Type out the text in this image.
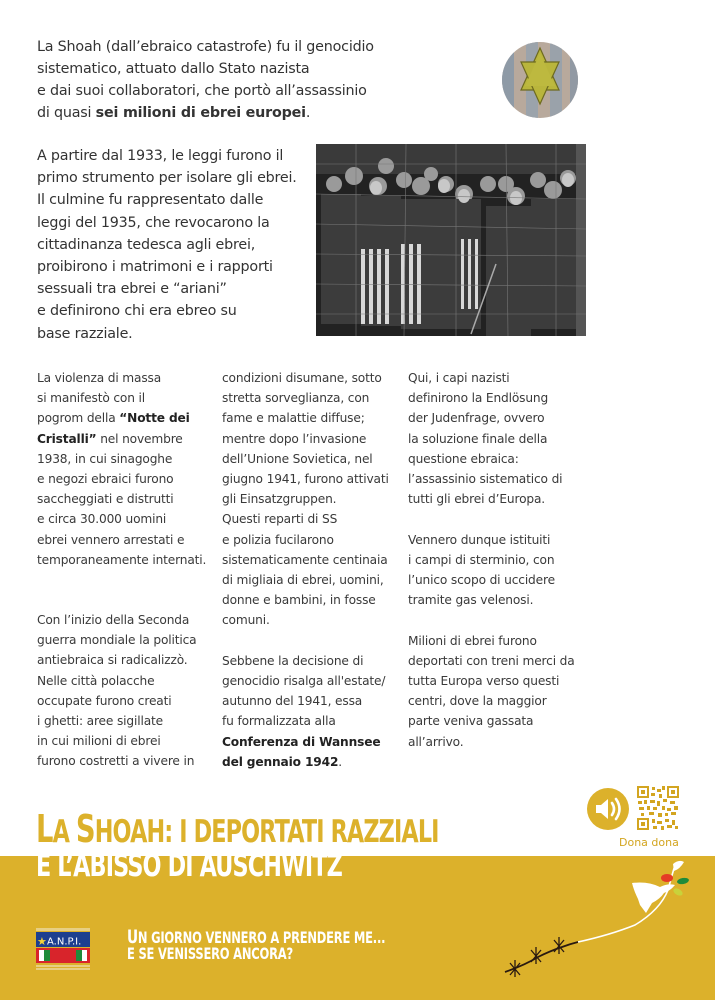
La Shoah (dall’ebraico catastrofe) fu il genocidio
sistematico, attuato dallo Stato nazista
e dai suoi collaboratori, che portò all’assassinio
di quasi sei milioni di ebrei europei.

A partire dal 1933, le leggi furono il
primo strumento per isolare gli ebrei.
Il culmine fu rappresentato dalle
leggi del 1935, che revocarono la
cittadinanza tedesca agli ebrei,
proibirono i matrimoni e i rapporti
sessuali tra ebrei e “ariani”
e definirono chi era ebreo su
base razziale.

La violenza di massa
si manifestò con il
pogrom della “Notte dei
Cristalli” nel novembre
1938, in cui sinagoghe
e negozi ebraici furono
saccheggiati e distrutti
e circa 30.000 uomini
ebrei vennero arrestati e
temporaneamente internati.

Con l’inizio della Seconda
guerra mondiale la politica
antiebraica si radicalizzò.
Nelle città polacche
occupate furono creati
i ghetti: aree sigillate
in cui milioni di ebrei
furono costretti a vivere in

condizioni disumane, sotto
stretta sorveglianza, con
fame e malattie diffuse;
mentre dopo l’invasione
dell’Unione Sovietica, nel
giugno 1941, furono attivati
gli Einsatzgruppen.
Questi reparti di SS
e polizia fucilarono
sistematicamente centinaia
di migliaia di ebrei, uomini,
donne e bambini, in fosse
comuni.

Sebbene la decisione di
genocidio risalga all'estate/
autunno del 1941, essa
fu formalizzata alla
Conferenza di Wannsee
del gennaio 1942.

Qui, i capi nazisti
definirono la Endlösung
der Judenfrage, ovvero
la soluzione finale della
questione ebraica:
l’assassinio sistematico di
tutti gli ebrei d’Europa.

Vennero dunque istituiti
i campi di sterminio, con
l’unico scopo di uccidere
tramite gas velenosi.

Milioni di ebrei furono
deportati con treni merci da
tutta Europa verso questi
centri, dove la maggior
parte veniva gassata
all’arrivo.

Dona dona
LA SHOAH: I DEPORTATI RAZZIALI
E L’ABISSO DI AUSCHWITZ
★ A.N.P.I. UN GIORNO VENNERO A PRENDERE ME...
E SE VENISSERO ANCORA?
